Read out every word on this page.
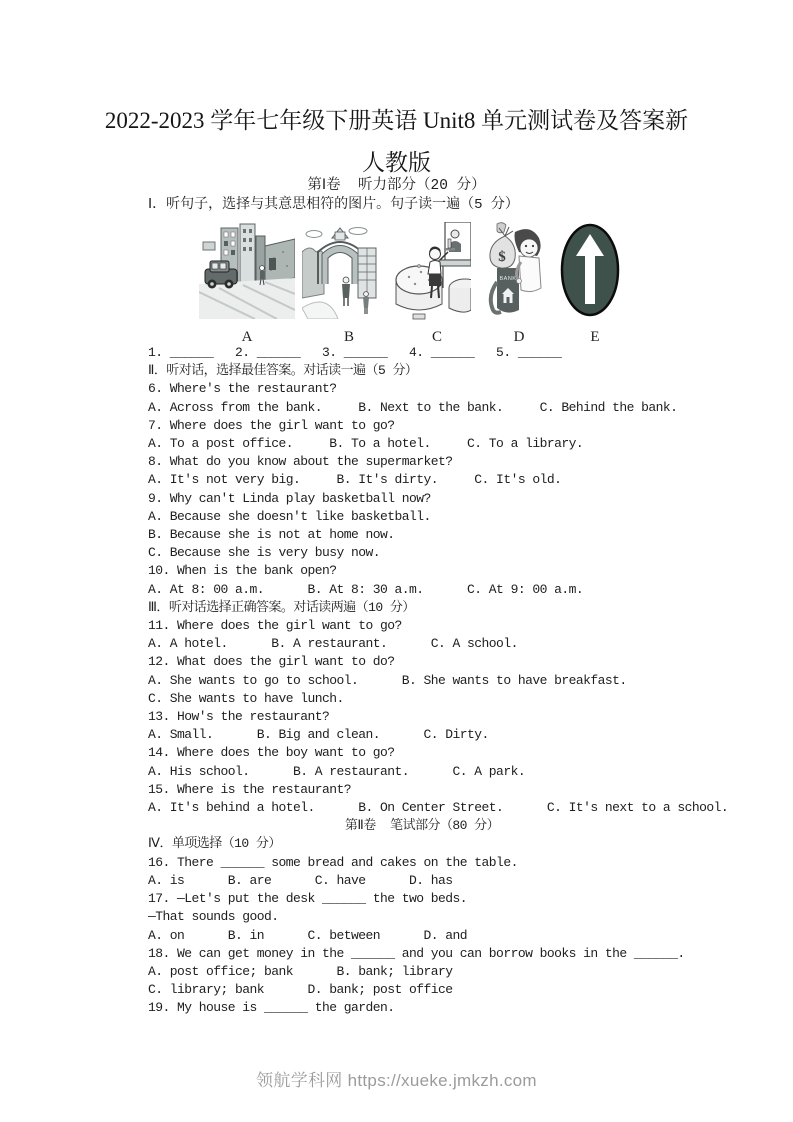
2022-2023 学年七年级下册英语 Unit8 单元测试卷及答案新
人教版
第Ⅰ卷  听力部分（20 分）
Ⅰ．听句子，选择与其意思相符的图片。句子读一遍（5 分）
$
BANK
A	B	C	D	E
1. ______   2. ______   3. ______   4. ______   5. ______
Ⅱ．听对话，选择最佳答案。对话读一遍（5 分）
6. Where's the restaurant?
A. Across from the bank.     B. Next to the bank.     C. Behind the bank.
7. Where does the girl want to go?
A. To a post office.     B. To a hotel.     C. To a library.
8. What do you know about the supermarket?
A. It's not very big.     B. It's dirty.     C. It's old.
9. Why can't Linda play basketball now?
A. Because she doesn't like basketball.
B. Because she is not at home now.
C. Because she is very busy now.
10. When is the bank open?
A. At 8: 00 a.m.      B. At 8: 30 a.m.      C. At 9: 00 a.m.
Ⅲ．听对话选择正确答案。对话读两遍（10 分）
11. Where does the girl want to go?
A. A hotel.      B. A restaurant.      C. A school.
12. What does the girl want to do?
A. She wants to go to school.      B. She wants to have breakfast.
C. She wants to have lunch.
13. How's the restaurant?
A. Small.      B. Big and clean.      C. Dirty.
14. Where does the boy want to go?
A. His school.      B. A restaurant.      C. A park.
15. Where is the restaurant?
A. It's behind a hotel.      B. On Center Street.      C. It's next to a school.
第Ⅱ卷  笔试部分（80 分）
Ⅳ．单项选择（10 分）
16. There ______ some bread and cakes on the table.
A. is      B. are      C. have      D. has
17. —Let's put the desk ______ the two beds.
—That sounds good.
A. on      B. in      C. between      D. and
18. We can get money in the ______ and you can borrow books in the ______.
A. post office; bank      B. bank; library
C. library; bank      D. bank; post office
19. My house is ______ the garden.
领航学科网 https://xueke.jmkzh.com
